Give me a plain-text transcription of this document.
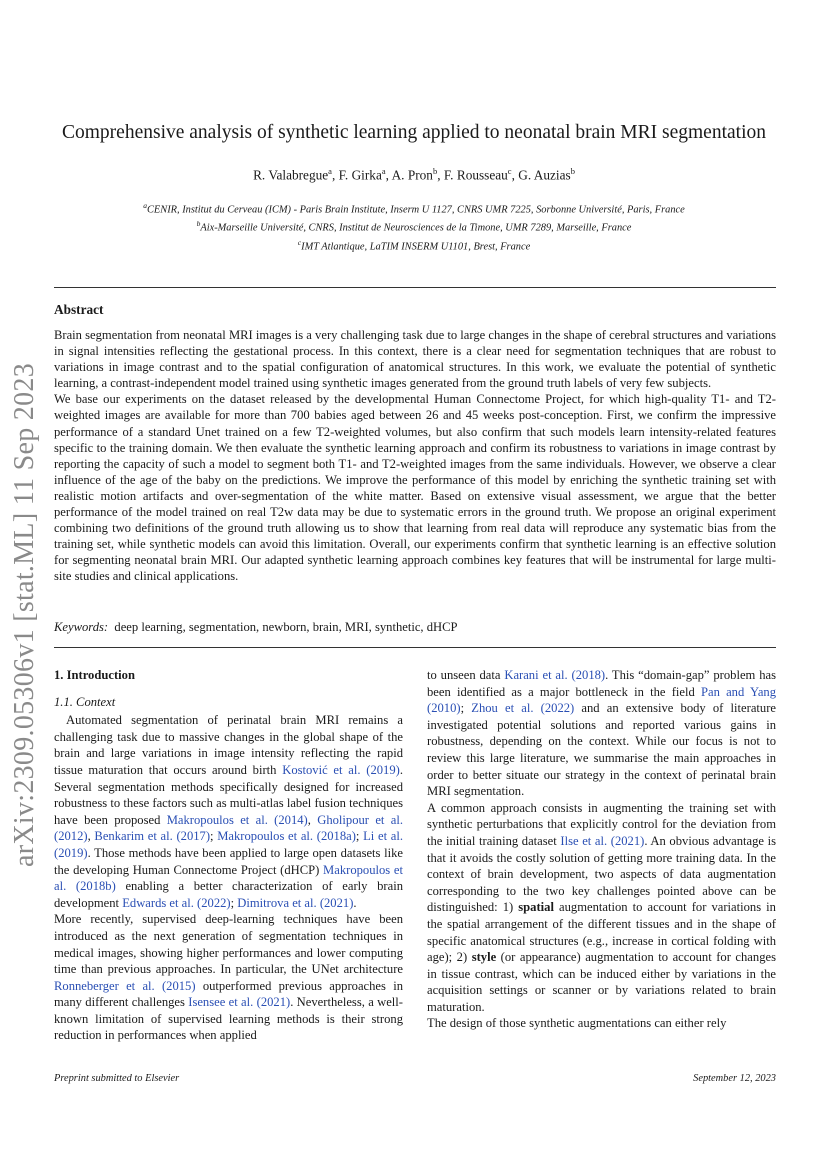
arXiv:2309.05306v1 [stat.ML] 11 Sep 2023
Comprehensive analysis of synthetic learning applied to neonatal brain MRI segmentation
R. Valabregue$^a$, F. Girka$^a$, A. Pron$^b$, F. Rousseau$^c$, G. Auzias$^b$
$^a$CENIR, Institut du Cerveau (ICM) - Paris Brain Institute, Inserm U 1127, CNRS UMR 7225, Sorbonne Université, Paris, France
$^b$Aix-Marseille Université, CNRS, Institut de Neurosciences de la Timone, UMR 7289, Marseille, France
$^c$IMT Atlantique, LaTIM INSERM U1101, Brest, France
Abstract

Brain segmentation from neonatal MRI images is a very challenging task due to large changes in the shape of cerebral structures and variations in signal intensities reflecting the gestational process. In this context, there is a clear need for segmentation techniques that are robust to variations in image contrast and to the spatial configuration of anatomical structures. In this work, we evaluate the potential of synthetic learning, a contrast-independent model trained using synthetic images generated from the ground truth labels of very few subjects.

We base our experiments on the dataset released by the developmental Human Connectome Project, for which high-quality T1- and T2-weighted images are available for more than 700 babies aged between 26 and 45 weeks post-conception. First, we confirm the impressive performance of a standard Unet trained on a few T2-weighted volumes, but also confirm that such models learn intensity-related features specific to the training domain. We then evaluate the synthetic learning approach and confirm its robustness to variations in image contrast by reporting the capacity of such a model to segment both T1- and T2-weighted images from the same individuals. However, we observe a clear influence of the age of the baby on the predictions. We improve the performance of this model by enriching the synthetic training set with realistic motion artifacts and over-segmentation of the white matter. Based on extensive visual assessment, we argue that the better performance of the model trained on real T2w data may be due to systematic errors in the ground truth. We propose an original experiment combining two definitions of the ground truth allowing us to show that learning from real data will reproduce any systematic bias from the training set, while synthetic models can avoid this limitation. Overall, our experiments confirm that synthetic learning is an effective solution for segmenting neonatal brain MRI. Our adapted synthetic learning approach combines key features that will be instrumental for large multi-site studies and clinical applications.

Keywords: deep learning, segmentation, newborn, brain, MRI, synthetic, dHCP

1. Introduction

1.1. Context

Automated segmentation of perinatal brain MRI remains a challenging task due to massive changes in the global shape of the brain and large variations in image intensity reflecting the rapid tissue maturation that occurs around birth Kostović et al. (2019). Several segmentation methods specifically designed for increased robustness to these factors such as multi-atlas label fusion techniques have been proposed Makropoulos et al. (2014), Gholipour et al. (2012), Benkarim et al. (2017); Makropoulos et al. (2018a); Li et al. (2019). Those methods have been applied to large open datasets like the developing Human Connectome Project (dHCP) Makropoulos et al. (2018b) enabling a better characterization of early brain development Edwards et al. (2022); Dimitrova et al. (2021).

More recently, supervised deep-learning techniques have been introduced as the next generation of segmentation techniques in medical images, showing higher performances and lower computing time than previous approaches. In particular, the UNet architecture Ronneberger et al. (2015) outperformed previous approaches in many different challenges Isensee et al. (2021). Nevertheless, a well-known limitation of supervised learning methods is their strong reduction in performances when applied

to unseen data Karani et al. (2018). This “domain-gap” problem has been identified as a major bottleneck in the field Pan and Yang (2010); Zhou et al. (2022) and an extensive body of literature investigated potential solutions and reported various gains in robustness, depending on the context. While our focus is not to review this large literature, we summarise the main approaches in order to better situate our strategy in the context of perinatal brain MRI segmentation.

A common approach consists in augmenting the training set with synthetic perturbations that explicitly control for the deviation from the initial training dataset Ilse et al. (2021). An obvious advantage is that it avoids the costly solution of getting more training data. In the context of brain development, two aspects of data augmentation corresponding to the two key challenges pointed above can be distinguished: 1) spatial augmentation to account for variations in the spatial arrangement of the different tissues and in the shape of specific anatomical structures (e.g., increase in cortical folding with age); 2) style (or appearance) augmentation to account for changes in tissue contrast, which can be induced either by variations in the acquisition settings or scanner or by variations related to brain maturation.

The design of those synthetic augmentations can either rely

Preprint submitted to Elsevier	September 12, 2023
